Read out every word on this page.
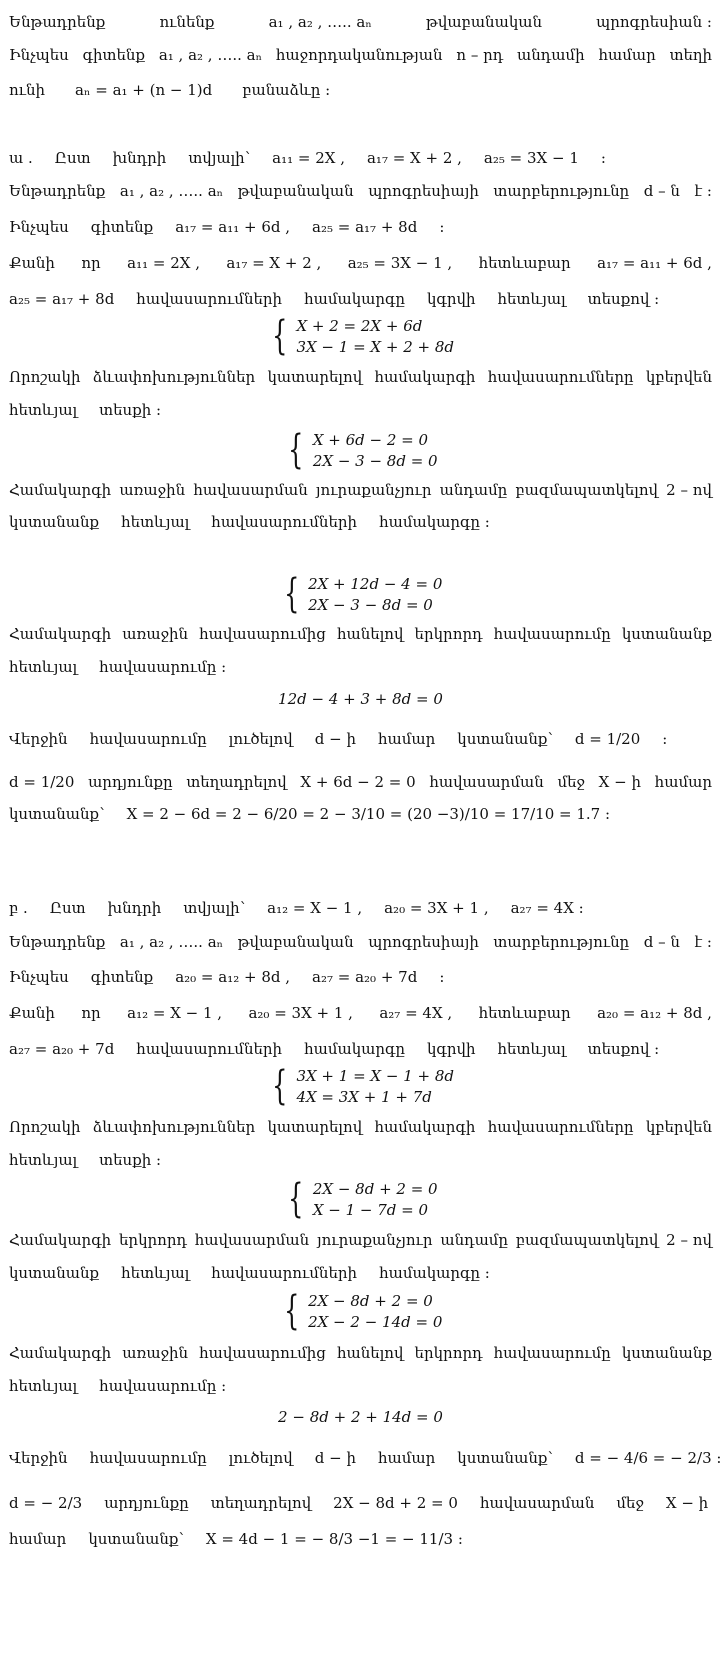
Ենթադրենք	ունենք	a₁ , a₂ , ….. aₙ	թվաբանական	պրոգրեսիան ։
Ինչպես գիտենք a₁ , a₂ , ….. aₙ հաջորդականության n – րդ անդամի համար տեղի
ունի aₙ = a₁ + (n − 1)d բանաձևը ։
ա . Ըստ խնդրի տվյալի՝ a₁₁ = 2X , a₁₇ = X + 2 , a₂₅ = 3X − 1 ։
Ենթադրենք a₁ , a₂ , ….. aₙ թվաբանական պրոգրեսիայի տարբերությունը d – ն է ։
Ինչպես գիտենք a₁₇ = a₁₁ + 6d , a₂₅ = a₁₇ + 8d ։
Քանի որ a₁₁ = 2X , a₁₇ = X + 2 , a₂₅ = 3X − 1 , հետևաբար a₁₇ = a₁₁ + 6d ,
a₂₅ = a₁₇ + 8d հավասարումների համակարգը կգրվի հետևյալ տեսքով ։
{ X + 2 = 2X + 6d
3X − 1 = X + 2 + 8d
Որոշակի ձևափոխություններ կատարելով համակարգի հավասարումները կբերվեն
հետևյալ տեսքի ։
{ X + 6d − 2 = 0
2X − 3 − 8d = 0
Համակարգի առաջին հավասարման յուրաքանչյուր անդամը բազմապատկելով 2 – ով
կստանանք հետևյալ հավասարումների համակարգը ։
{ 2X + 12d − 4 = 0
2X − 3 − 8d = 0
Համակարգի առաջին հավասարումից հանելով երկրորդ հավասարումը կստանանք
հետևյալ հավասարումը ։
12d − 4 + 3 + 8d = 0
Վերջին հավասարումը լուծելով d − ի համար կստանանք՝ d = 1/20 ։
d = 1/20 արդյունքը տեղադրելով X + 6d − 2 = 0 հավասարման մեջ X − ի համար
կստանանք՝ X = 2 − 6d = 2 − 6/20 = 2 − 3/10 = (20 −3)/10 = 17/10 = 1.7 ։
բ . Ըստ խնդրի տվյալի՝ a₁₂ = X − 1 , a₂₀ = 3X + 1 , a₂₇ = 4X ։
Ենթադրենք a₁ , a₂ , ….. aₙ թվաբանական պրոգրեսիայի տարբերությունը d – ն է ։
Ինչպես գիտենք a₂₀ = a₁₂ + 8d , a₂₇ = a₂₀ + 7d ։
Քանի որ a₁₂ = X − 1 , a₂₀ = 3X + 1 , a₂₇ = 4X , հետևաբար a₂₀ = a₁₂ + 8d ,
a₂₇ = a₂₀ + 7d հավասարումների համակարգը կգրվի հետևյալ տեսքով ։
{ 3X + 1 = X − 1 + 8d
4X = 3X + 1 + 7d
Որոշակի ձևափոխություններ կատարելով համակարգի հավասարումները կբերվեն
հետևյալ տեսքի ։
{ 2X − 8d + 2 = 0
X − 1 − 7d = 0
Համակարգի երկրորդ հավասարման յուրաքանչյուր անդամը բազմապատկելով 2 – ով
կստանանք հետևյալ հավասարումների համակարգը ։
{ 2X − 8d + 2 = 0
2X − 2 − 14d = 0
Համակարգի առաջին հավասարումից հանելով երկրորդ հավասարումը կստանանք
հետևյալ հավասարումը ։
2 − 8d + 2 + 14d = 0
Վերջին հավասարումը լուծելով d − ի համար կստանանք՝ d = − 4/6 = − 2/3 ։
d = − 2/3 արդյունքը տեղադրելով 2X − 8d + 2 = 0 հավասարման մեջ X − ի
համար կստանանք՝ X = 4d − 1 = − 8/3 −1 = − 11/3 ։
